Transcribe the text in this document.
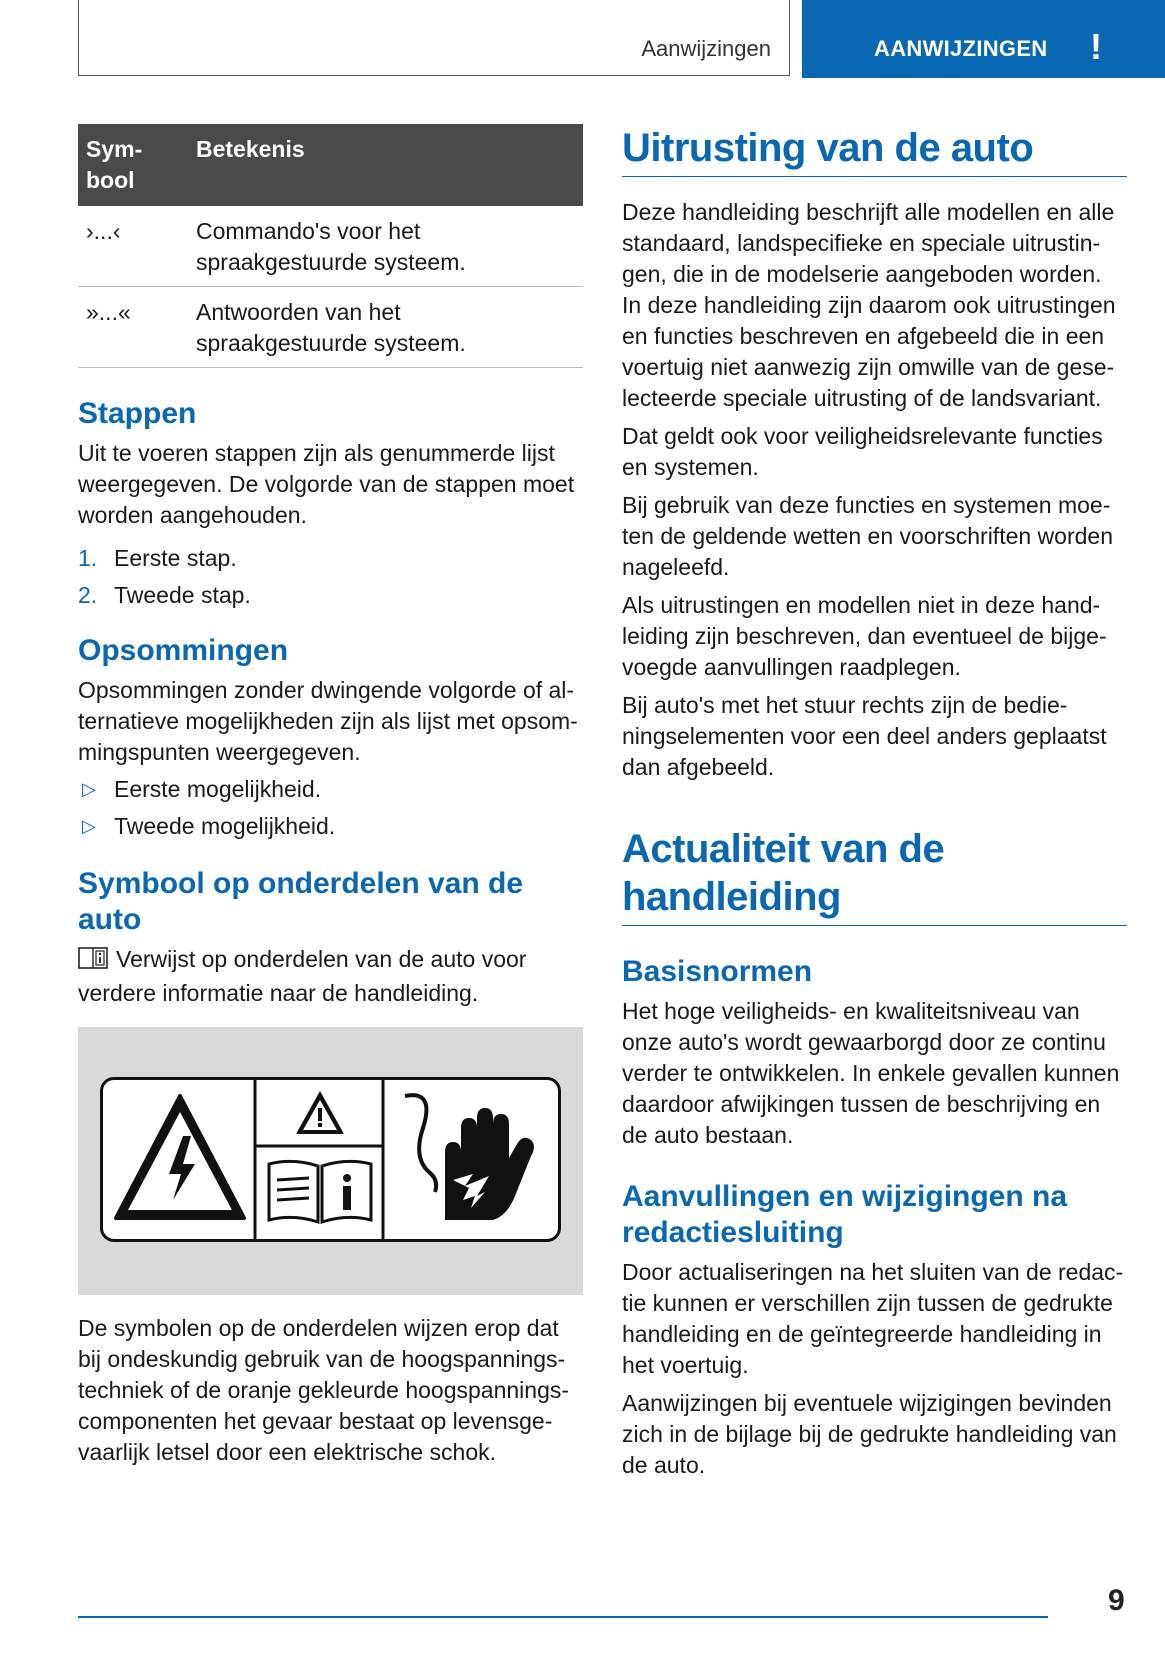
Aanwijzingen	AANWIJZINGEN !
Sym-
bool	Betekenis
›...‹	Commando's voor het
spraakgestuurde systeem.

»...«	Antwoorden van het
spraakgestuurde systeem.
Stappen

Uit te voeren stappen zijn als genummerde lijst

weergegeven. De volgorde van de stappen moet

worden aangehouden.

1. Eerste stap.
2. Tweede stap.
Opsommingen

Opsommingen zonder dwingende volgorde of al-

ternatieve mogelijkheden zijn als lijst met opsom-

mingspunten weergegeven.

▷ Eerste mogelijkheid.
▷ Tweede mogelijkheid.
Symbool op onderdelen van de
auto

Verwijst op onderdelen van de auto voor

verdere informatie naar de handleiding.

De symbolen op de onderdelen wijzen erop dat

bij ondeskundig gebruik van de hoogspannings-

techniek of de oranje gekleurde hoogspannings-

componenten het gevaar bestaat op levensge-

vaarlijk letsel door een elektrische schok.

Uitrusting van de auto

Deze handleiding beschrijft alle modellen en alle

standaard, landspecifieke en speciale uitrustin-

gen, die in de modelserie aangeboden worden.

In deze handleiding zijn daarom ook uitrustingen

en functies beschreven en afgebeeld die in een

voertuig niet aanwezig zijn omwille van de gese-

lecteerde speciale uitrusting of de landsvariant.

Dat geldt ook voor veiligheidsrelevante functies

en systemen.

Bij gebruik van deze functies en systemen moe-

ten de geldende wetten en voorschriften worden

nageleefd.

Als uitrustingen en modellen niet in deze hand-

leiding zijn beschreven, dan eventueel de bijge-

voegde aanvullingen raadplegen.

Bij auto's met het stuur rechts zijn de bedie-

ningselementen voor een deel anders geplaatst

dan afgebeeld.

Actualiteit van de
handleiding
Basisnormen

Het hoge veiligheids- en kwaliteitsniveau van

onze auto's wordt gewaarborgd door ze continu

verder te ontwikkelen. In enkele gevallen kunnen

daardoor afwijkingen tussen de beschrijving en

de auto bestaan.

Aanvullingen en wijzigingen na
redactiesluiting

Door actualiseringen na het sluiten van de redac-

tie kunnen er verschillen zijn tussen de gedrukte

handleiding en de geïntegreerde handleiding in

het voertuig.

Aanwijzingen bij eventuele wijzigingen bevinden

zich in de bijlage bij de gedrukte handleiding van

de auto.

9
